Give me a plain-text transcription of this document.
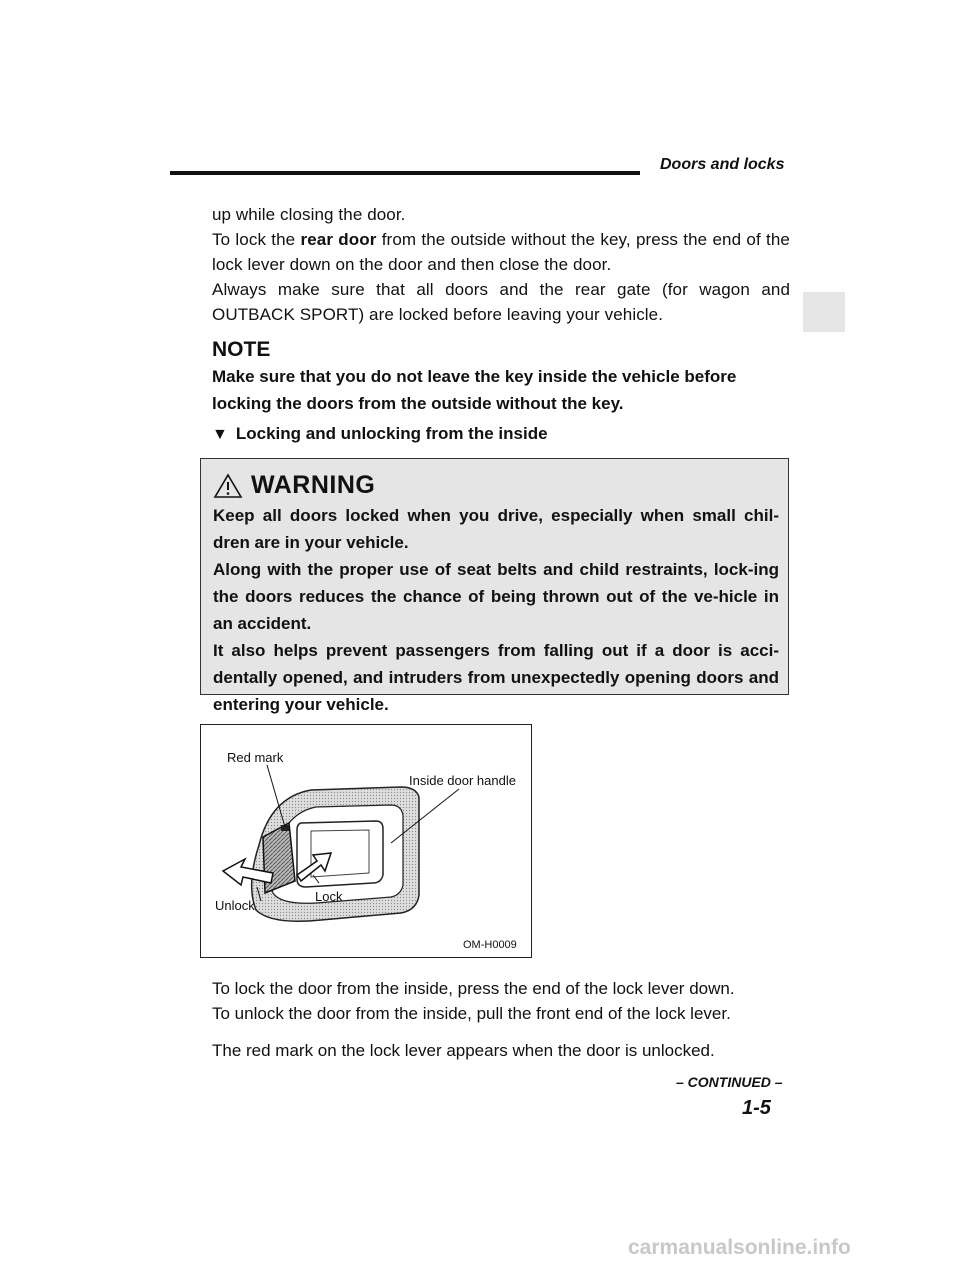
Doors and locks

up while closing the door.

To lock the rear door from the outside without the key, press the end of the lock lever down on the door and then close the door.

Always make sure that all doors and the rear gate (for wagon and OUTBACK SPORT) are locked before leaving your vehicle.

NOTE
Make sure that you do not leave the key inside the vehicle before locking the doors from the outside without the key.
▼ Locking and unlocking from the inside
WARNING

Keep all doors locked when you drive, especially when small chil-dren are in your vehicle.

Along with the proper use of seat belts and child restraints, lock-ing the doors reduces the chance of being thrown out of the ve-hicle in an accident.

It also helps prevent passengers from falling out if a door is acci-dentally opened, and intruders from unexpectedly opening doors and entering your vehicle.

Red mark
Inside door handle
Lock
Unlock
OM-H0009
To lock the door from the inside, press the end of the lock lever down.
To unlock the door from the inside, pull the front end of the lock lever.
The red mark on the lock lever appears when the door is unlocked.
– CONTINUED –
1-5
carmanualsonline.info
